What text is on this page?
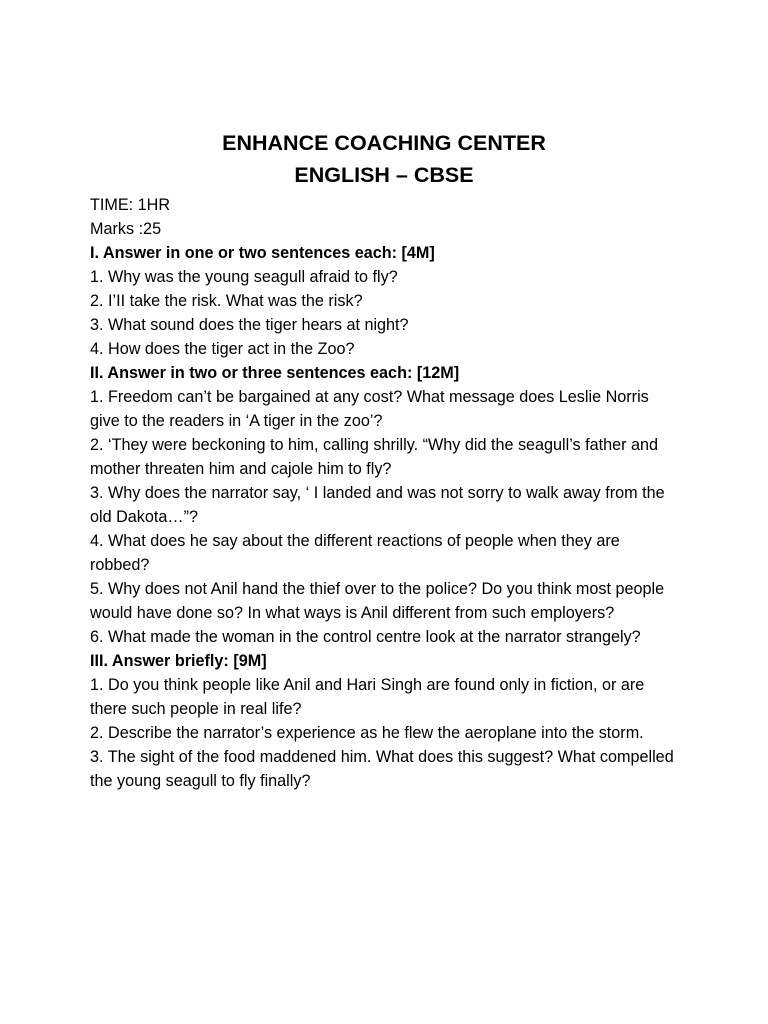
ENHANCE COACHING CENTER
ENGLISH – CBSE
TIME: 1HR
Marks :25
I. Answer in one or two sentences each: [4M]
1. Why was the young seagull afraid to fly?
2. I’II take the risk. What was the risk?
3. What sound does the tiger hears at night?
4. How does the tiger act in the Zoo?
II. Answer in two or three sentences each: [12M]
1. Freedom can’t be bargained at any cost? What message does Leslie Norris give to the readers in ‘A tiger in the zoo’?
2. ‘They were beckoning to him, calling shrilly. “Why did the seagull’s father and mother threaten him and cajole him to fly?
3. Why does the narrator say, ‘ I landed and was not sorry to walk away from the old Dakota…”?
4. What does he say about the different reactions of people when they are robbed?
5. Why does not Anil hand the thief over to the police? Do you think most people would have done so? In what ways is Anil different from such employers?
6. What made the woman in the control centre look at the narrator strangely?
III. Answer briefly: [9M]
1. Do you think people like Anil and Hari Singh are found only in fiction, or are there such people in real life?
2. Describe the narrator’s experience as he flew the aeroplane into the storm.
3. The sight of the food maddened him. What does this suggest? What compelled the young seagull to fly finally?
